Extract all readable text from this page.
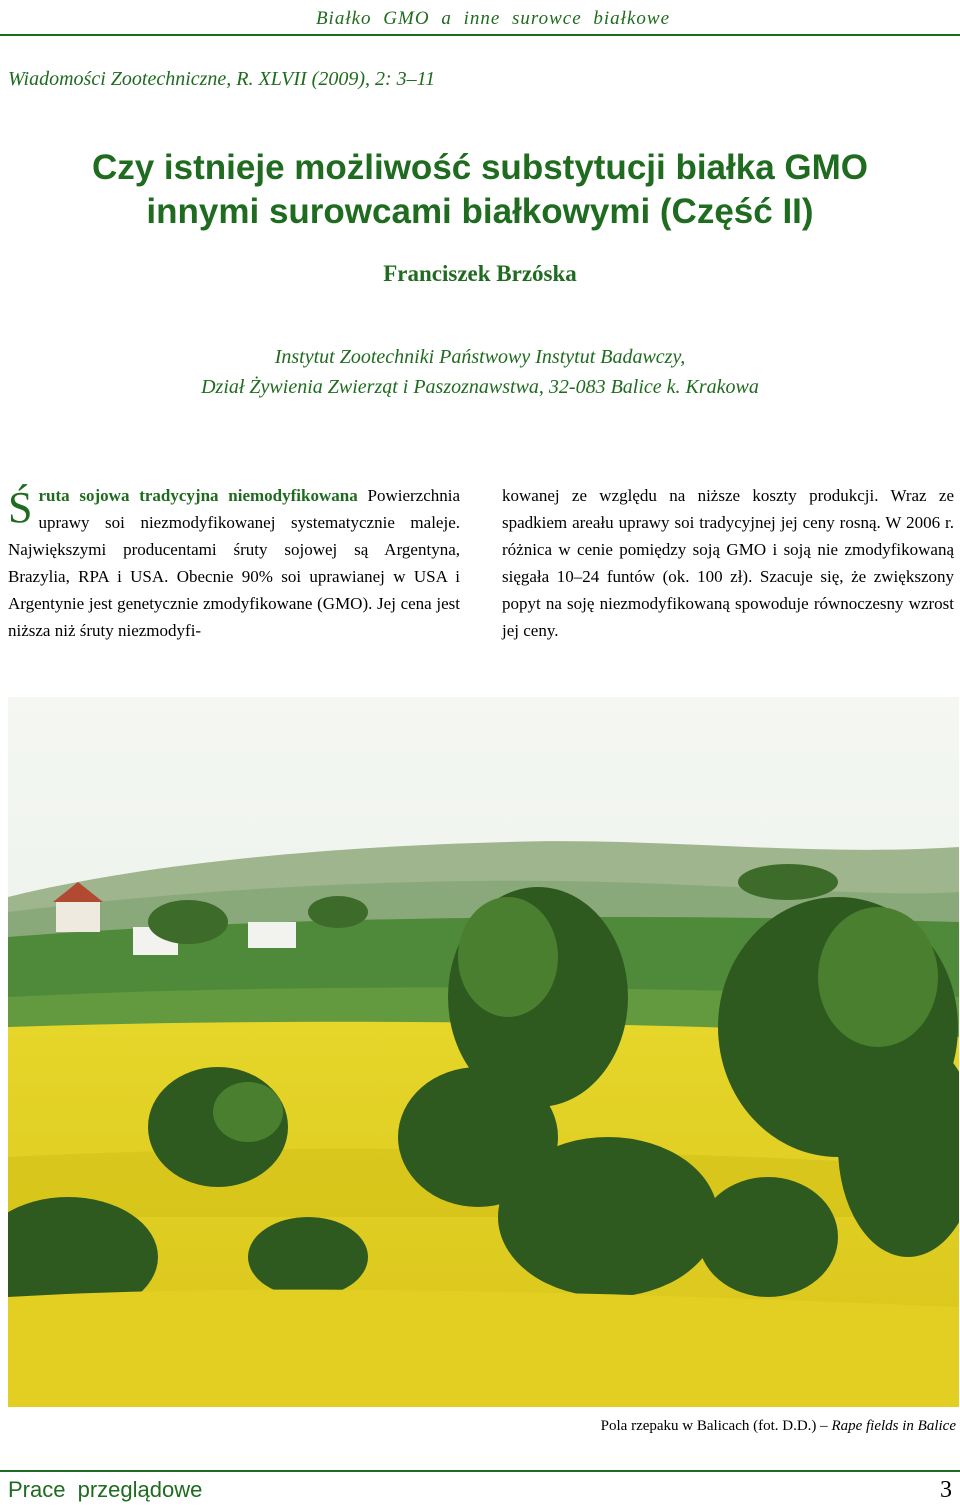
Białko GMO a inne surowce białkowe
Wiadomości Zootechniczne, R. XLVII (2009), 2: 3–11
Czy istnieje możliwość substytucji białka GMO
innymi surowcami białkowymi (Część II)
Franciszek Brzóska
Instytut Zootechniki Państwowy Instytut Badawczy,
Dział Żywienia Zwierząt i Paszoznawstwa, 32-083 Balice k. Krakowa
Śruta sojowa tradycyjna niemodyfikowana Powierzchnia uprawy soi niezmodyfikowanej systematycznie maleje. Największymi producentami śruty sojowej są Argentyna, Brazylia, RPA i USA. Obecnie 90% soi uprawianej w USA i Argentynie jest genetycznie zmodyfikowane (GMO). Jej cena jest niższa niż śruty niezmodyfi-
kowanej ze względu na niższe koszty produkcji. Wraz ze spadkiem areału uprawy soi tradycyjnej jej ceny rosną. W 2006 r. różnica w cenie pomiędzy soją GMO i soją nie zmodyfikowaną sięgała 10–24 funtów (ok. 100 zł). Szacuje się, że zwiększony popyt na soję niezmodyfikowaną spowoduje równoczesny wzrost jej ceny.
Pola rzepaku w Balicach (fot. D.D.) – Rape fields in Balice
Prace przeglądowe	3
